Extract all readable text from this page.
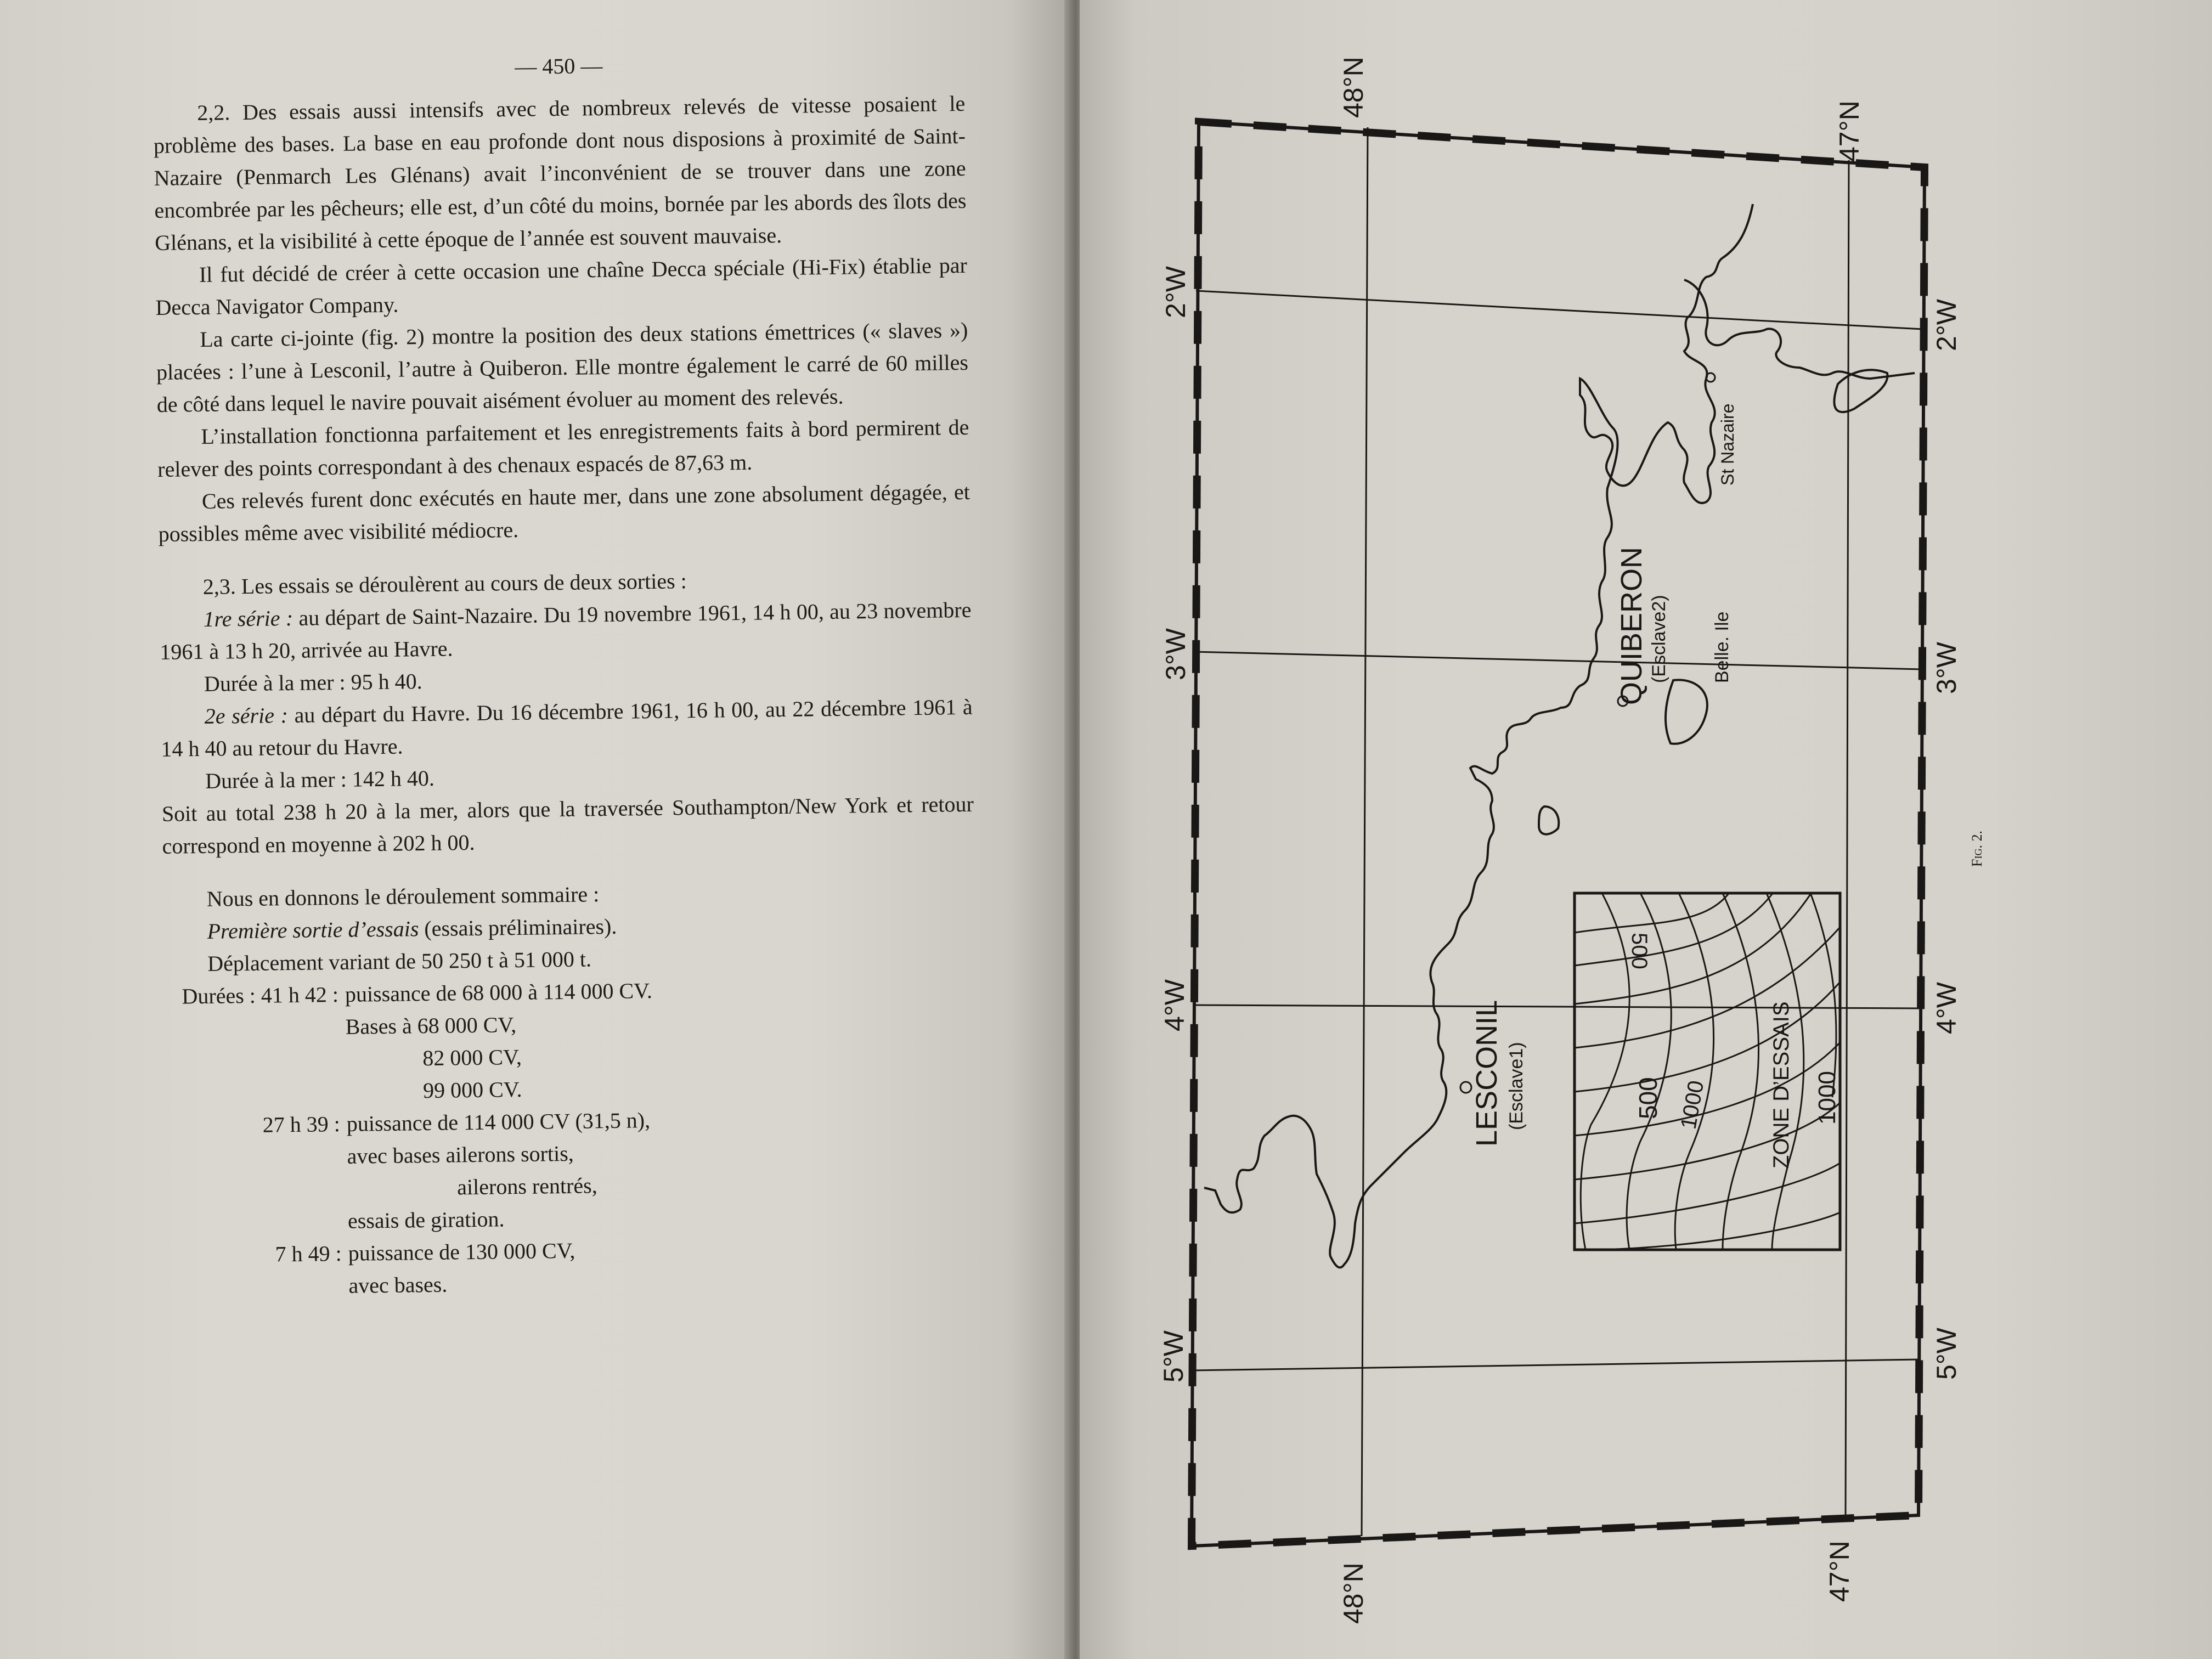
— 450 —

2,2. Des essais aussi intensifs avec de nombreux relevés de vitesse posaient le problème des bases. La base en eau profonde dont nous disposions à proximité de Saint-Nazaire (Penmarch Les Glénans) avait l’inconvénient de se trouver dans une zone encombrée par les pêcheurs; elle est, d’un côté du moins, bornée par les abords des îlots des Glénans, et la visibilité à cette époque de l’année est souvent mauvaise.

Il fut décidé de créer à cette occasion une chaîne Decca spéciale (Hi-Fix) établie par Decca Navigator Company.

La carte ci-jointe (fig. 2) montre la position des deux stations émettrices (« slaves ») placées : l’une à Lesconil, l’autre à Quiberon. Elle montre également le carré de 60 milles de côté dans lequel le navire pouvait aisément évoluer au moment des relevés.

L’installation fonctionna parfaitement et les enregistrements faits à bord permirent de relever des points correspondant à des chenaux espacés de 87,63 m.

Ces relevés furent donc exécutés en haute mer, dans une zone absolument dégagée, et possibles même avec visibilité médiocre.

2,3. Les essais se déroulèrent au cours de deux sorties :

1re série : au départ de Saint-Nazaire. Du 19 novembre 1961, 14 h 00, au 23 novembre 1961 à 13 h 20, arrivée au Havre.

Durée à la mer : 95 h 40.

2e série : au départ du Havre. Du 16 décembre 1961, 16 h 00, au 22 décembre 1961 à 14 h 40 au retour du Havre.

Durée à la mer : 142 h 40.

Soit au total 238 h 20 à la mer, alors que la traversée Southampton/New York et retour correspond en moyenne à 202 h 00.

Nous en donnons le déroulement sommaire :

Première sortie d’essais (essais préliminaires).

Déplacement variant de 50 250 t à 51 000 t.

Durées : 41 h 42 : puissance de 68 000 à 114 000 CV.
Bases à 68 000 CV,
82 000 CV,
99 000 CV.
27 h 39 : puissance de 114 000 CV (31,5 n),
avec bases ailerons sortis,
ailerons rentrés,
essais de giration.
7 h 49 : puissance de 130 000 CV,
avec bases.
48°N
47°N
48°N	47°N
2°W
3°W
4°W
5°W
2°W
3°W
4°W
5°W
St Nazaire
QUIBERON (Esclave2) Belle. Ile
LESCONIL (Esclave1)	ZONE D’ESSAIS
500
500 1000	1000
Fig. 2.
